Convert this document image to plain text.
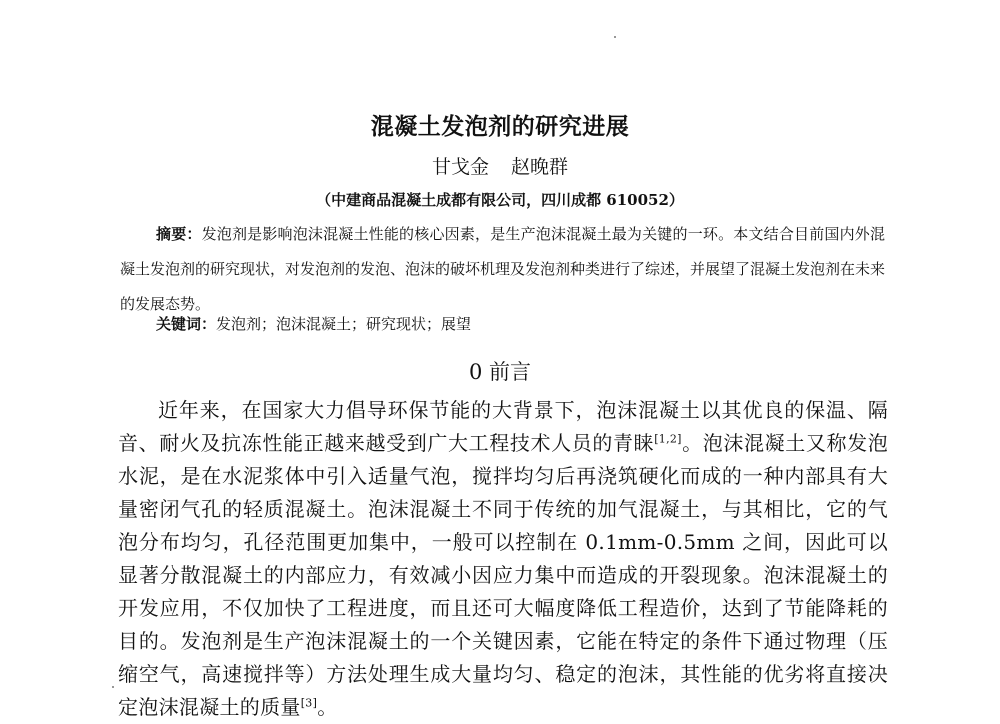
混凝土发泡剂的研究进展
甘戈金 赵晚群
（中建商品混凝土成都有限公司，四川成都 610052）
摘要：发泡剂是影响泡沫混凝土性能的核心因素，是生产泡沫混凝土最为关键的一环。本文结合目前国内外混凝土发泡剂的研究现状，对发泡剂的发泡、泡沫的破坏机理及发泡剂种类进行了综述，并展望了混凝土发泡剂在未来的发展态势。
关键词：发泡剂；泡沫混凝土；研究现状；展望
0 前言
近年来，在国家大力倡导环保节能的大背景下，泡沫混凝土以其优良的保温、隔音、耐火及抗冻性能正越来越受到广大工程技术人员的青睐[1,2]。泡沫混凝土又称发泡水泥，是在水泥浆体中引入适量气泡，搅拌均匀后再浇筑硬化而成的一种内部具有大量密闭气孔的轻质混凝土。泡沫混凝土不同于传统的加气混凝土，与其相比，它的气泡分布均匀，孔径范围更加集中，一般可以控制在 0.1mm-0.5mm 之间，因此可以显著分散混凝土的内部应力，有效减小因应力集中而造成的开裂现象。泡沫混凝土的开发应用，不仅加快了工程进度，而且还可大幅度降低工程造价，达到了节能降耗的目的。发泡剂是生产泡沫混凝土的一个关键因素，它能在特定的条件下通过物理（压缩空气，高速搅拌等）方法处理生成大量均匀、稳定的泡沫，其性能的优劣将直接决定泡沫混凝土的质量[3]。
